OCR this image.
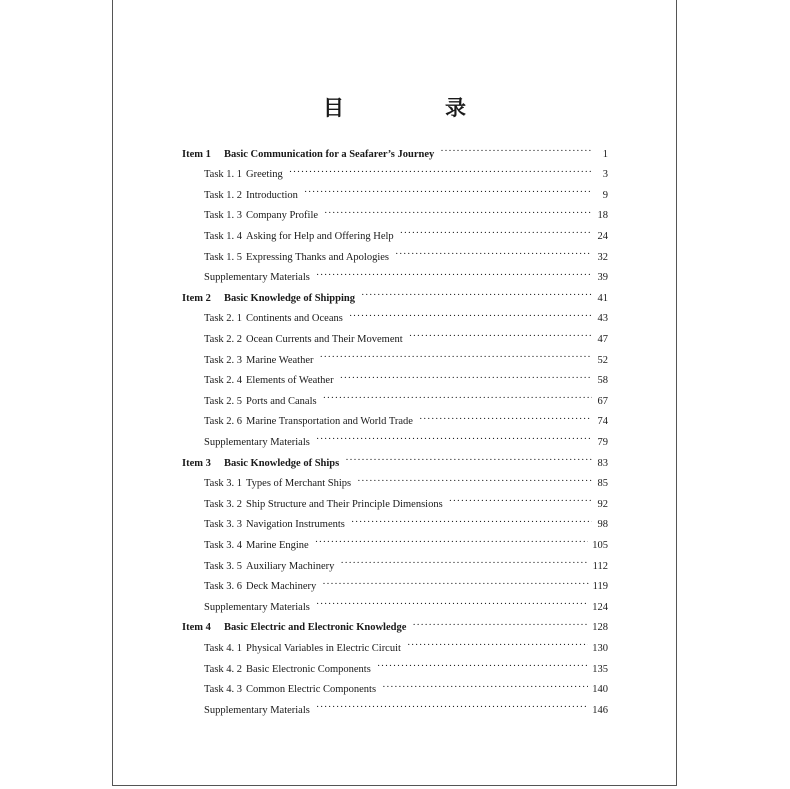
目　录
Item 1	Basic Communication for a Seafarer’s Journey ·····	1
Task 1. 1 Greeting ·····	3
Task 1. 2 Introduction ·····	9
Task 1. 3 Company Profile ·····	18
Task 1. 4 Asking for Help and Offering Help ·····	24
Task 1. 5 Expressing Thanks and Apologies ·····	32
Supplementary Materials ·····	39
Item 2	Basic Knowledge of Shipping ·····	41
Task 2. 1 Continents and Oceans ·····	43
Task 2. 2 Ocean Currents and Their Movement ·····	47
Task 2. 3 Marine Weather ·····	52
Task 2. 4 Elements of Weather ·····	58
Task 2. 5 Ports and Canals ·····	67
Task 2. 6 Marine Transportation and World Trade ·····	74
Supplementary Materials ·····	79
Item 3	Basic Knowledge of Ships ·····	83
Task 3. 1 Types of Merchant Ships ·····	85
Task 3. 2 Ship Structure and Their Principle Dimensions ·····	92
Task 3. 3 Navigation Instruments ·····	98
Task 3. 4 Marine Engine ·····	105
Task 3. 5 Auxiliary Machinery ·····	112
Task 3. 6 Deck Machinery ·····	119
Supplementary Materials ·····	124
Item 4	Basic Electric and Electronic Knowledge ·····	128
Task 4. 1 Physical Variables in Electric Circuit ·····	130
Task 4. 2 Basic Electronic Components ·····	135
Task 4. 3 Common Electric Components ·····	140
Supplementary Materials ·····	146
